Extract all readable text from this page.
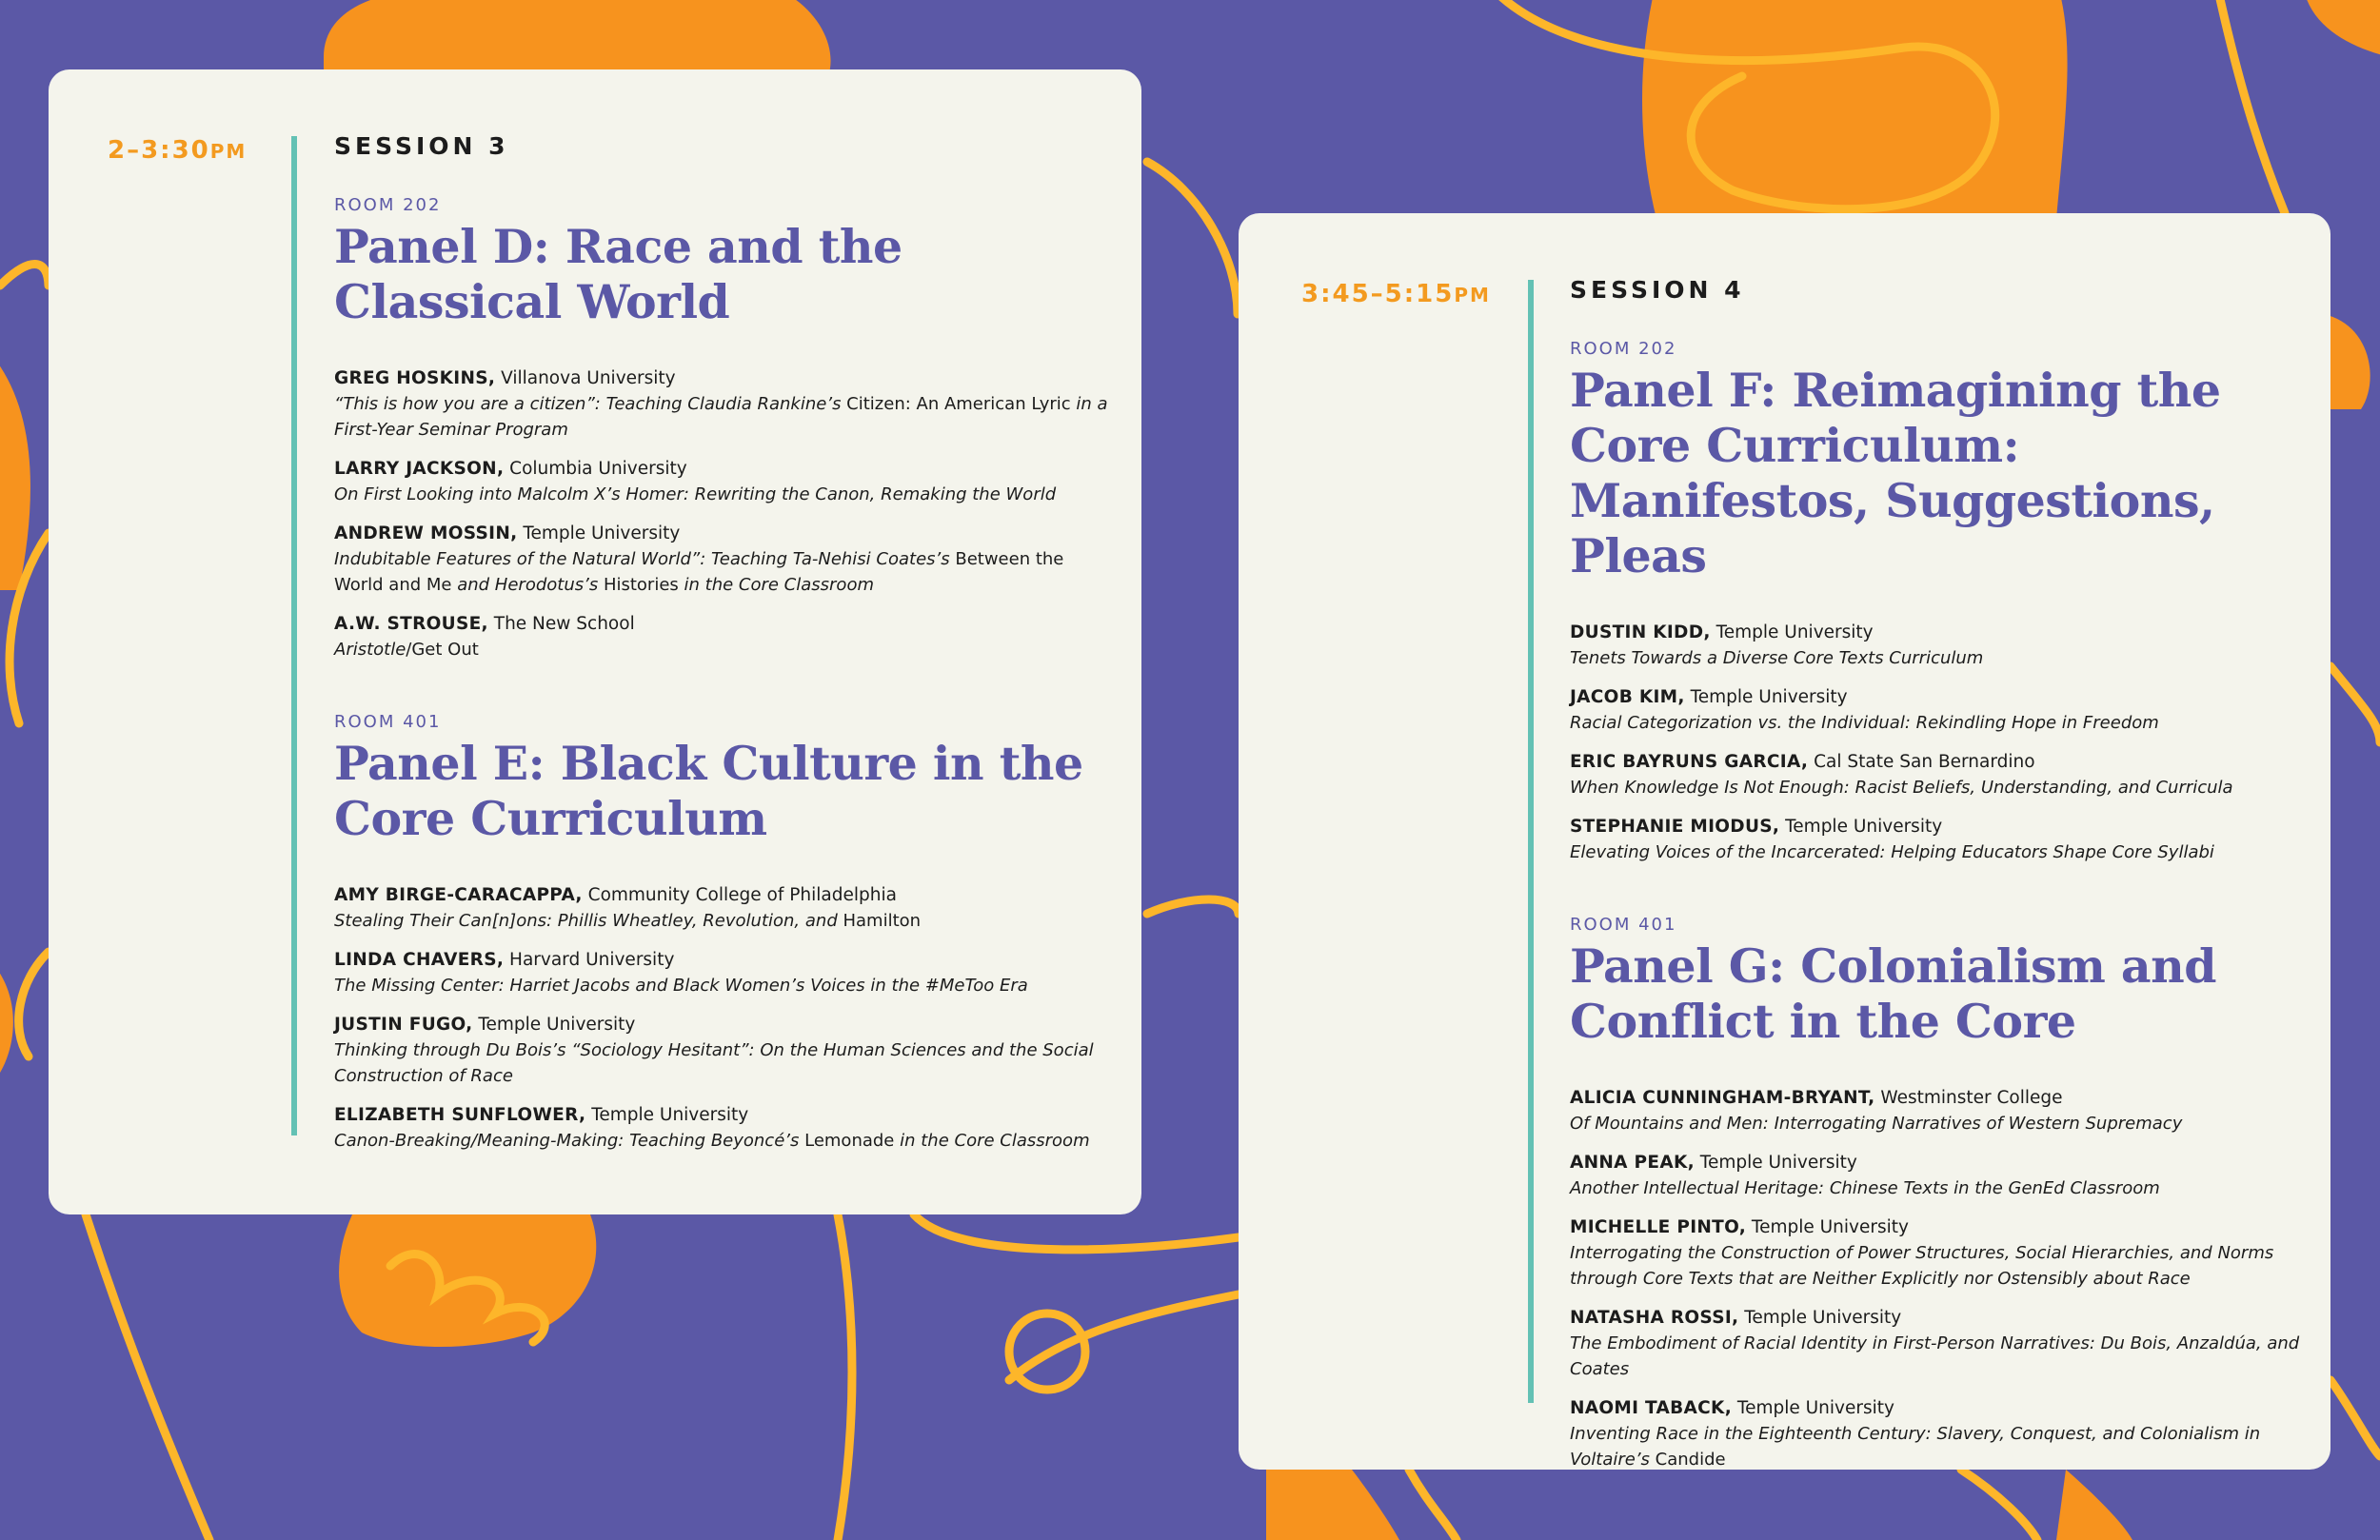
2–3:30PM	SESSION 3
ROOM 202
Panel D: Race and the Classical World
GREG HOSKINS, Villanova University
“This is how you are a citizen”: Teaching Claudia Rankine’s Citizen: An American Lyric in a First-Year Seminar Program
LARRY JACKSON, Columbia University
On First Looking into Malcolm X’s Homer: Rewriting the Canon, Remaking the World
ANDREW MOSSIN, Temple University
Indubitable Features of the Natural World”: Teaching Ta-Nehisi Coates’s Between the World and Me and Herodotus’s Histories in the Core Classroom
A.W. STROUSE, The New School
Aristotle/Get Out
ROOM 401
Panel E: Black Culture in the Core Curriculum
AMY BIRGE-CARACAPPA, Community College of Philadelphia
Stealing Their Can[n]ons: Phillis Wheatley, Revolution, and Hamilton
LINDA CHAVERS, Harvard University
The Missing Center: Harriet Jacobs and Black Women’s Voices in the #MeToo Era
JUSTIN FUGO, Temple University
Thinking through Du Bois’s “Sociology Hesitant”: On the Human Sciences and the Social Construction of Race
ELIZABETH SUNFLOWER, Temple University
Canon-Breaking/Meaning-Making: Teaching Beyoncé’s Lemonade in the Core Classroom
3:45–5:15PM	SESSION 4
ROOM 202
Panel F: Reimagining the Core Curriculum: Manifestos, Suggestions, Pleas
DUSTIN KIDD, Temple University
Tenets Towards a Diverse Core Texts Curriculum
JACOB KIM, Temple University
Racial Categorization vs. the Individual: Rekindling Hope in Freedom
ERIC BAYRUNS GARCIA, Cal State San Bernardino
When Knowledge Is Not Enough: Racist Beliefs, Understanding, and Curricula
STEPHANIE MIODUS, Temple University
Elevating Voices of the Incarcerated: Helping Educators Shape Core Syllabi
ROOM 401
Panel G: Colonialism and Conflict in the Core
ALICIA CUNNINGHAM-BRYANT, Westminster College
Of Mountains and Men: Interrogating Narratives of Western Supremacy
ANNA PEAK, Temple University
Another Intellectual Heritage: Chinese Texts in the GenEd Classroom
MICHELLE PINTO, Temple University
Interrogating the Construction of Power Structures, Social Hierarchies, and Norms through Core Texts that are Neither Explicitly nor Ostensibly about Race
NATASHA ROSSI, Temple University
The Embodiment of Racial Identity in First-Person Narratives: Du Bois, Anzaldúa, and Coates
NAOMI TABACK, Temple University
Inventing Race in the Eighteenth Century: Slavery, Conquest, and Colonialism in Voltaire’s Candide
